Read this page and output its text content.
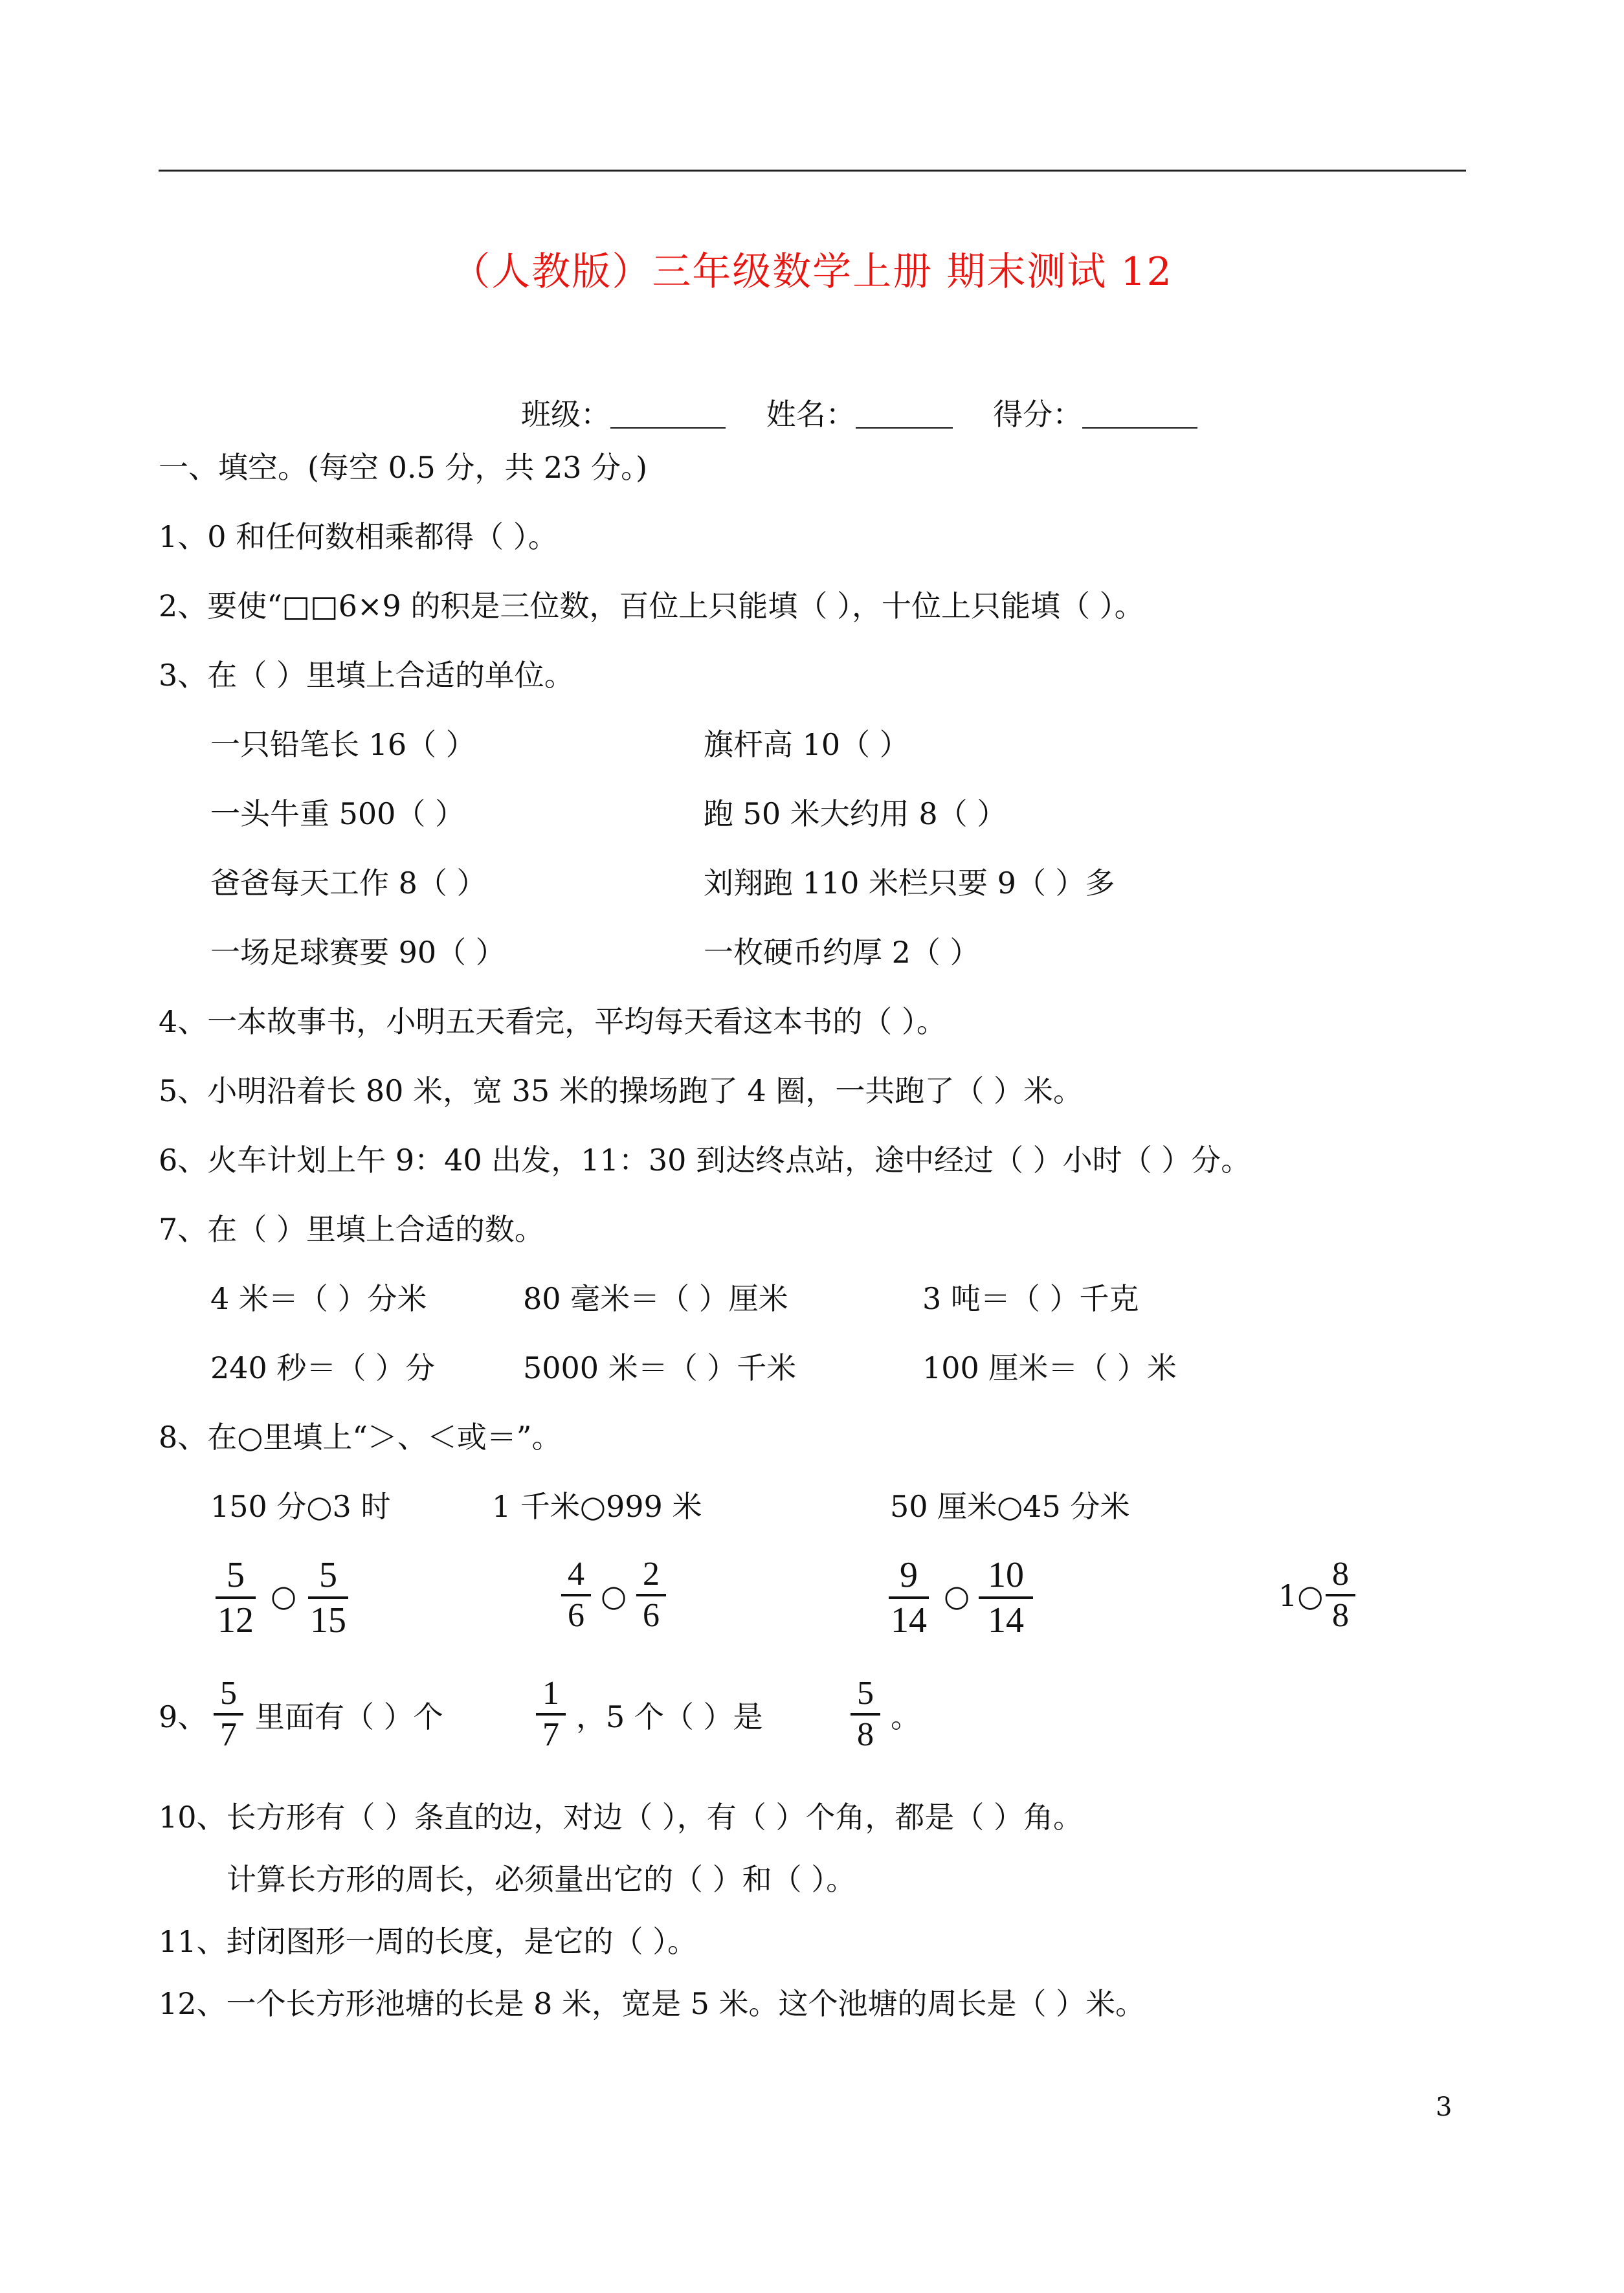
（人教版）三年级数学上册 期末测试 12
班级：	姓名：	得分：
一、填空。(每空 0.5 分，共 23 分。)
1、0 和任何数相乘都得（ ）。
2、要使“□□6×9 的积是三位数，百位上只能填（ ），十位上只能填（ ）。
3、在（ ）里填上合适的单位。
一只铅笔长 16（ ）	旗杆高 10（ ）
一头牛重 500（ ）	跑 50 米大约用 8（ ）
爸爸每天工作 8（ ）	刘翔跑 110 米栏只要 9（ ）多
一场足球赛要 90（ ）	一枚硬币约厚 2（ ）
4、一本故事书，小明五天看完，平均每天看这本书的（ ）。
5、小明沿着长 80 米，宽 35 米的操场跑了 4 圈，一共跑了（ ）米。
6、火车计划上午 9：40 出发，11：30 到达终点站，途中经过（ ）小时（ ）分。
7、在（ ）里填上合适的数。
4 米＝（ ）分米	80 毫米＝（ ）厘米	3 吨＝（ ）千克
240 秒＝（ ）分	5000 米＝（ ）千米	100 厘米＝（ ）米
8、在○里填上“＞、＜或＝”。
150 分○3 时	1 千米○999 米	50 厘米○45 分米
5
12
○
5
15
4
6
○
2
6
9
14
○
10
14
1○
8
8
9、
5
7 里面有（ ）个
1
7 ，5 个（ ）是
5
8 。
10、长方形有（ ）条直的边，对边（ ），有（ ）个角，都是（ ）角。
计算长方形的周长，必须量出它的（ ）和（ ）。
11、封闭图形一周的长度，是它的（ ）。
12、一个长方形池塘的长是 8 米，宽是 5 米。这个池塘的周长是（ ）米。
3
